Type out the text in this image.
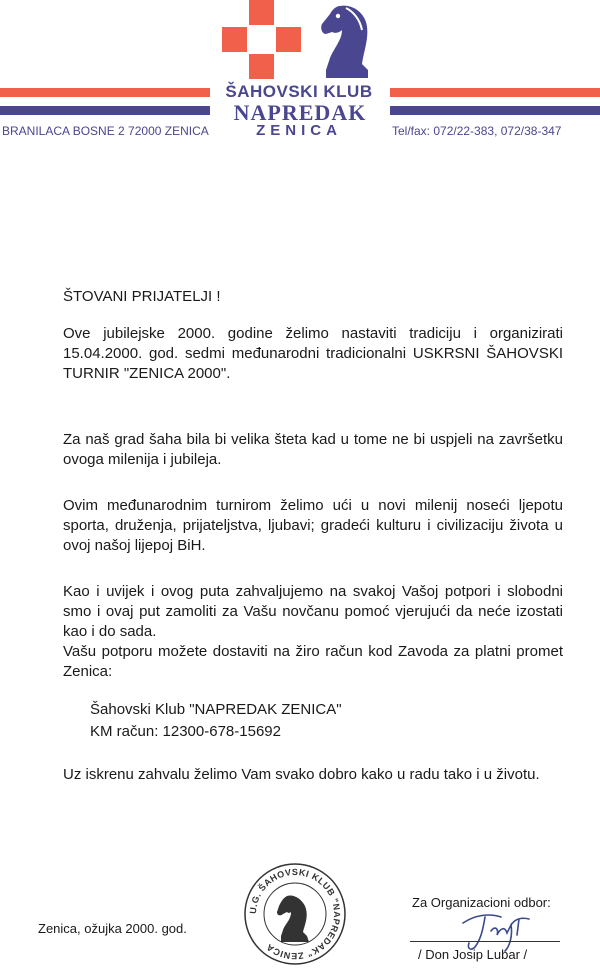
ŠAHOVSKI KLUB
NAPREDAK
ZENICA
BRANILACA BOSNE 2 72000 ZENICA	Tel/fax: 072/22-383, 072/38-347
ŠTOVANI PRIJATELJI !
Ove jubilejske 2000. godine želimo nastaviti tradiciju i organizirati 15.04.2000. god. sedmi međunarodni tradicionalni USKRSNI ŠAHOVSKI TURNIR "ZENICA 2000".
Za naš grad šaha bila bi velika šteta kad u tome ne bi uspjeli na završetku ovoga milenija i jubileja.
Ovim međunarodnim turnirom želimo ući u novi milenij noseći ljepotu sporta, druženja, prijateljstva, ljubavi; gradeći kulturu i civilizaciju života u ovoj našoj lijepoj BiH.
Kao i uvijek i ovog puta zahvaljujemo na svakoj Vašoj potpori i slobodni smo i ovaj put zamoliti za Vašu novčanu pomoć vjerujući da neće izostati kao i do sada.
Vašu potporu možete dostaviti na žiro račun kod Zavoda za platni promet Zenica:
Šahovski Klub "NAPREDAK ZENICA"
KM račun: 12300-678-15692
Uz iskrenu zahvalu želimo Vam svako dobro kako u radu tako i u životu.
Zenica, ožujka 2000. god.
U.G. ŠAHOVSKI KLUB "NAPREDAK" ZENICA
Za Organizacioni odbor:
/ Don Josip Lubar /
